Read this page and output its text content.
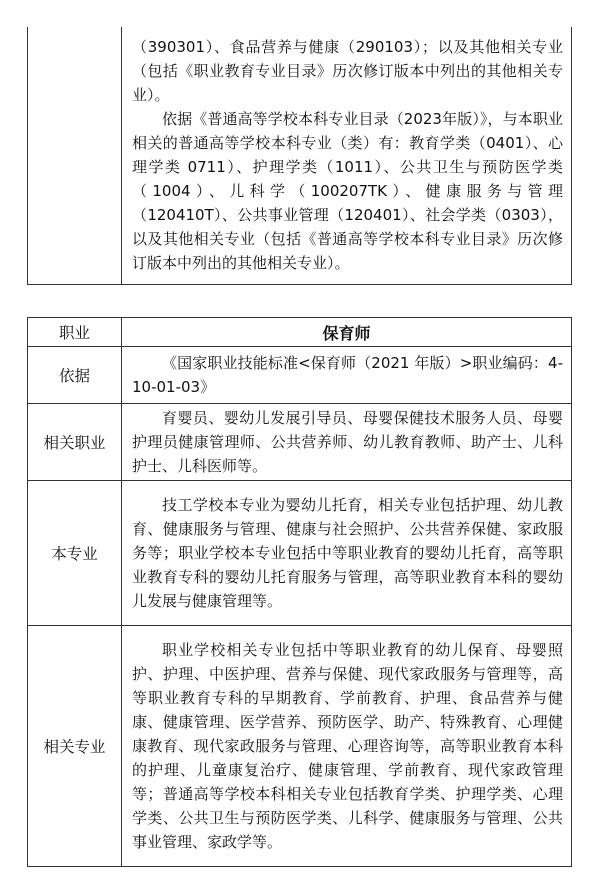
（390301）、食品营养与健康（290103）；以及其他相关专业（包括《职业教育专业目录》历次修订版本中列出的其他相关专业）。

依据《普通高等学校本科专业目录（2023年版）》，与本职业相关的普通高等学校本科专业（类）有：教育学类（0401）、心理学类 0711）、护理学类（1011）、公共卫生与预防医学类（1004）、儿科学（100207TK）、健康服务与管理（120410T）、公共事业管理（120401）、社会学类（0303），以及其他相关专业（包括《普通高等学校本科专业目录》历次修订版本中列出的其他相关专业）。

职业	保育师
依据	《国家职业技能标准<保育师（2021 年版）>职业编码：4-10-01-03》

相关职业	育婴员、婴幼儿发展引导员、母婴保健技术服务人员、母婴护理员健康管理师、公共营养师、幼儿教育教师、助产士、儿科护士、儿科医师等。

本专业	技工学校本专业为婴幼儿托育，相关专业包括护理、幼儿教育、健康服务与管理、健康与社会照护、公共营养保健、家政服务等；职业学校本专业包括中等职业教育的婴幼儿托育，高等职业教育专科的婴幼儿托育服务与管理，高等职业教育本科的婴幼儿发展与健康管理等。

相关专业	职业学校相关专业包括中等职业教育的幼儿保育、母婴照护、护理、中医护理、营养与保健、现代家政服务与管理等，高等职业教育专科的早期教育、学前教育、护理、食品营养与健康、健康管理、医学营养、预防医学、助产、特殊教育、心理健康教育、现代家政服务与管理、心理咨询等，高等职业教育本科的护理、儿童康复治疗、健康管理、学前教育、现代家政管理等；普通高等学校本科相关专业包括教育学类、护理学类、心理学类、公共卫生与预防医学类、儿科学、健康服务与管理、公共事业管理、家政学等。
